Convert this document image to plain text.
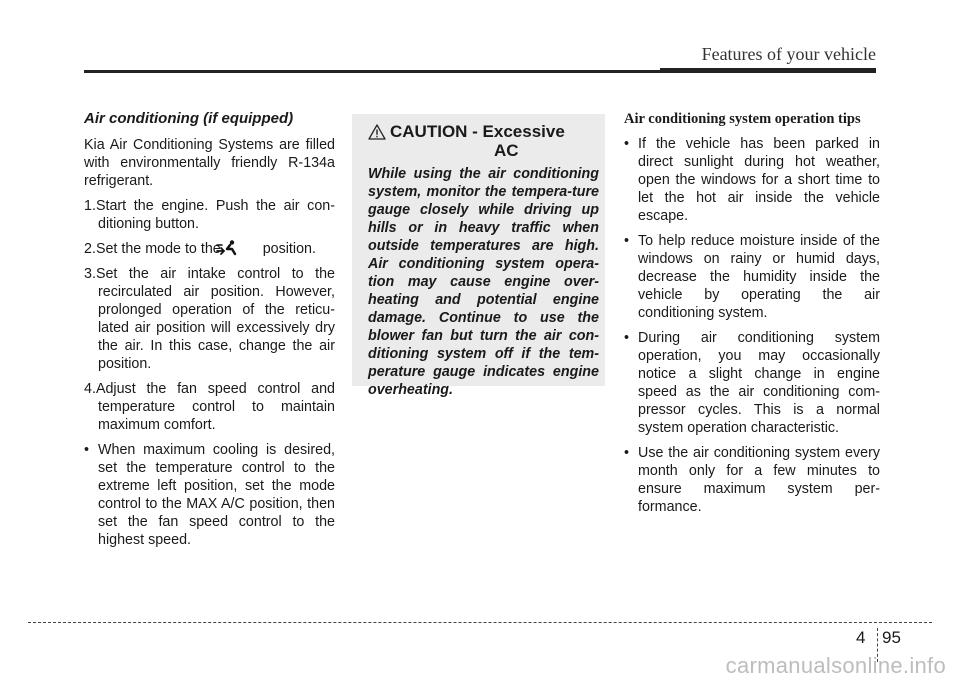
Features of your vehicle
Air conditioning (if equipped)
Kia Air Conditioning Systems are filled with environmentally friendly R-134a refrigerant.
1.Start the engine. Push the air con-ditioning button.
2.Set the mode to the	position.
3.Set the air intake control to the recirculated air position. However, prolonged operation of the reticu-lated air position will excessively dry the air. In this case, change the air position.
4.Adjust the fan speed control and temperature control to maintain maximum comfort.
• When maximum cooling is desired, set the temperature control to the extreme left position, set the mode control to the MAX A/C position, then set the fan speed control to the highest speed.
CAUTION - Excessive
AC
While using the air conditioning system, monitor the tempera-ture gauge closely while driving up hills or in heavy traffic when outside temperatures are high. Air conditioning system opera-tion may cause engine over-heating and potential engine damage. Continue to use the blower fan but turn the air con-ditioning system off if the tem-perature gauge indicates engine overheating.
Air conditioning system operation tips
• If the vehicle has been parked in direct sunlight during hot weather, open the windows for a short time to let the hot air inside the vehicle escape.
• To help reduce moisture inside of the windows on rainy or humid days, decrease the humidity inside the vehicle by operating the air conditioning system.
• During air conditioning system operation, you may occasionally notice a slight change in engine speed as the air conditioning com-pressor cycles. This is a normal system operation characteristic.
• Use the air conditioning system every month only for a few minutes to ensure maximum system per-formance.
4 95
carmanualsonline.info
